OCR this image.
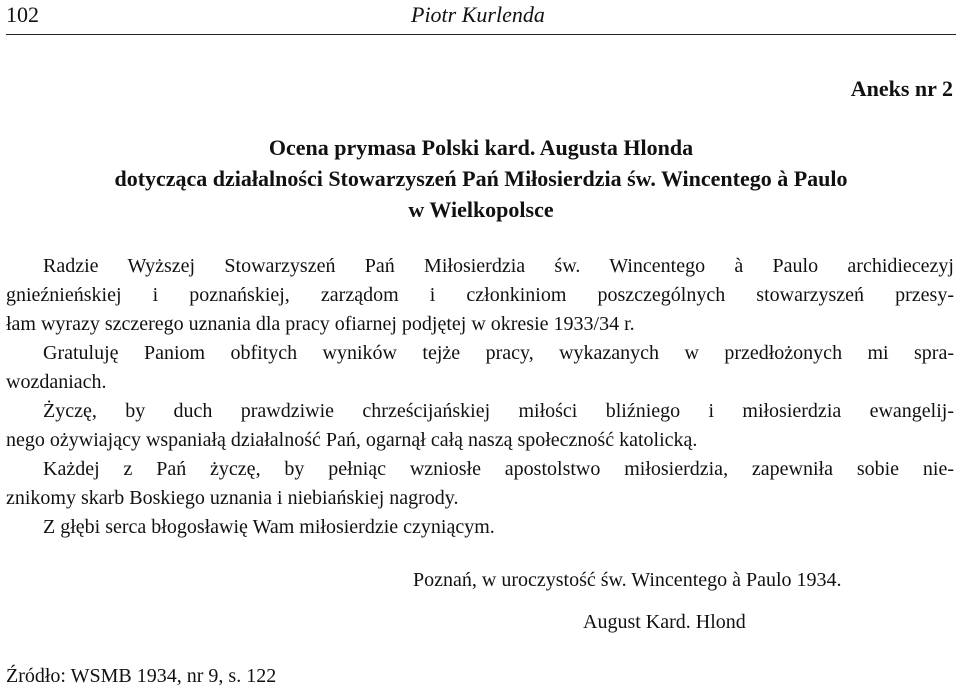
102	Piotr Kurlenda
Aneks nr 2
Ocena prymasa Polski kard. Augusta Hlonda
dotycząca działalności Stowarzyszeń Pań Miłosierdzia św. Wincentego à Paulo
w Wielkopolsce
Radzie Wyższej Stowarzyszeń Pań Miłosierdzia św. Wincentego à Paulo archidiecezyj
gnieźnieńskiej i poznańskiej, zarządom i członkiniom poszczególnych stowarzyszeń przesy-
łam wyrazy szczerego uznania dla pracy ofiarnej podjętej w okresie 1933/34 r.
Gratuluję Paniom obfitych wyników tejże pracy, wykazanych w przedłożonych mi spra-
wozdaniach.
Życzę, by duch prawdziwie chrześcijańskiej miłości bliźniego i miłosierdzia ewangelij-
nego ożywiający wspaniałą działalność Pań, ogarnął całą naszą społeczność katolicką.
Każdej z Pań życzę, by pełniąc wzniosłe apostolstwo miłosierdzia, zapewniła sobie nie-
znikomy skarb Boskiego uznania i niebiańskiej nagrody.
Z głębi serca błogosławię Wam miłosierdzie czyniącym.
Poznań, w uroczystość św. Wincentego à Paulo 1934.
August Kard. Hlond
Źródło: WSMB 1934, nr 9, s. 122
